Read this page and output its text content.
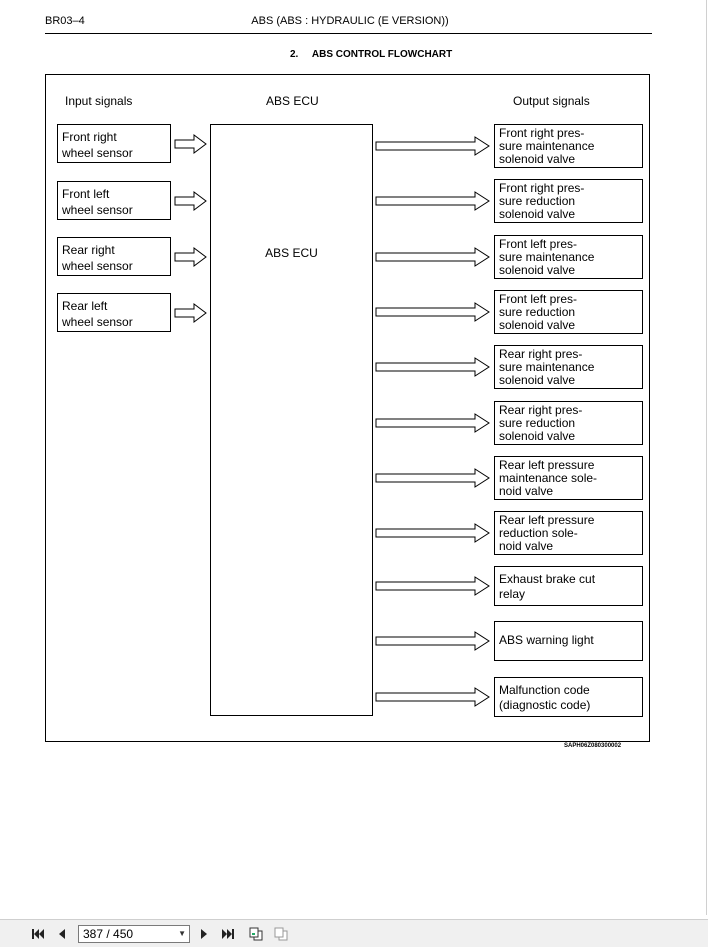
BR03–4	ABS (ABS : HYDRAULIC (E VERSION))
2. ABS CONTROL FLOWCHART
Input signals	ABS ECU	Output signals
ABS ECU
Front right
wheel sensor
Front left
wheel sensor
Rear right
wheel sensor
Rear left
wheel sensor
Front right pres-
sure maintenance
solenoid valve
Front right pres-
sure reduction
solenoid valve
Front left pres-
sure maintenance
solenoid valve
Front left pres-
sure reduction
solenoid valve
Rear right pres-
sure maintenance
solenoid valve
Rear right pres-
sure reduction
solenoid valve
Rear left pressure
maintenance sole-
noid valve
Rear left pressure
reduction sole-
noid valve
Exhaust brake cut
relay
ABS warning light
Malfunction code
(diagnostic code)
SAPH06Z080300002
387 / 450	▼
